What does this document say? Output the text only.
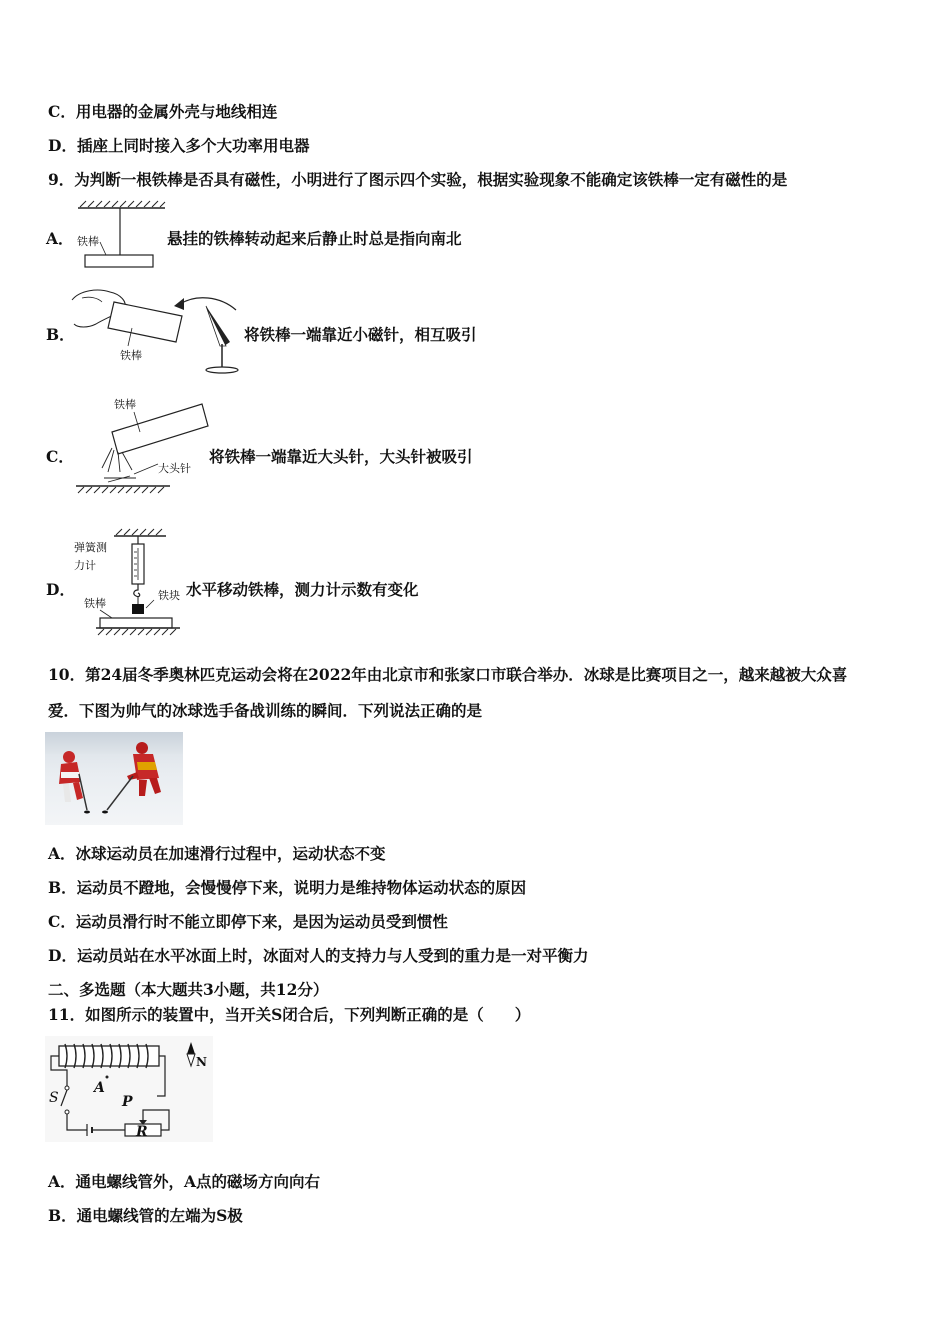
C．用电器的金属外壳与地线相连
D．插座上同时接入多个大功率用电器
9．为判断一根铁棒是否具有磁性，小明进行了图示四个实验，根据实验现象不能确定该铁棒一定有磁性的是
A． 铁棒	悬挂的铁棒转动起来后静止时总是指向南北
B．
铁棒
将铁棒一端靠近小磁针，相互吸引
C．
铁棒
大头针
将铁棒一端靠近大头针，大头针被吸引
D．
弹簧测
力计
铁块
铁棒
水平移动铁棒，测力计示数有变化
10．第24届冬季奥林匹克运动会将在2022年由北京市和张家口市联合举办．冰球是比赛项目之一，越来越被大众喜
爱．下图为帅气的冰球选手备战训练的瞬间．下列说法正确的是
A．冰球运动员在加速滑行过程中，运动状态不变
B．运动员不蹬地，会慢慢停下来，说明力是维持物体运动状态的原因
C．运动员滑行时不能立即停下来，是因为运动员受到惯性
D．运动员站在水平冰面上时，冰面对人的支持力与人受到的重力是一对平衡力
二、多选题（本大题共3小题，共12分）
11．如图所示的装置中，当开关S闭合后，下列判断正确的是（　　）
S
A
P
R
N
A．通电螺线管外，A点的磁场方向向右
B．通电螺线管的左端为S极
